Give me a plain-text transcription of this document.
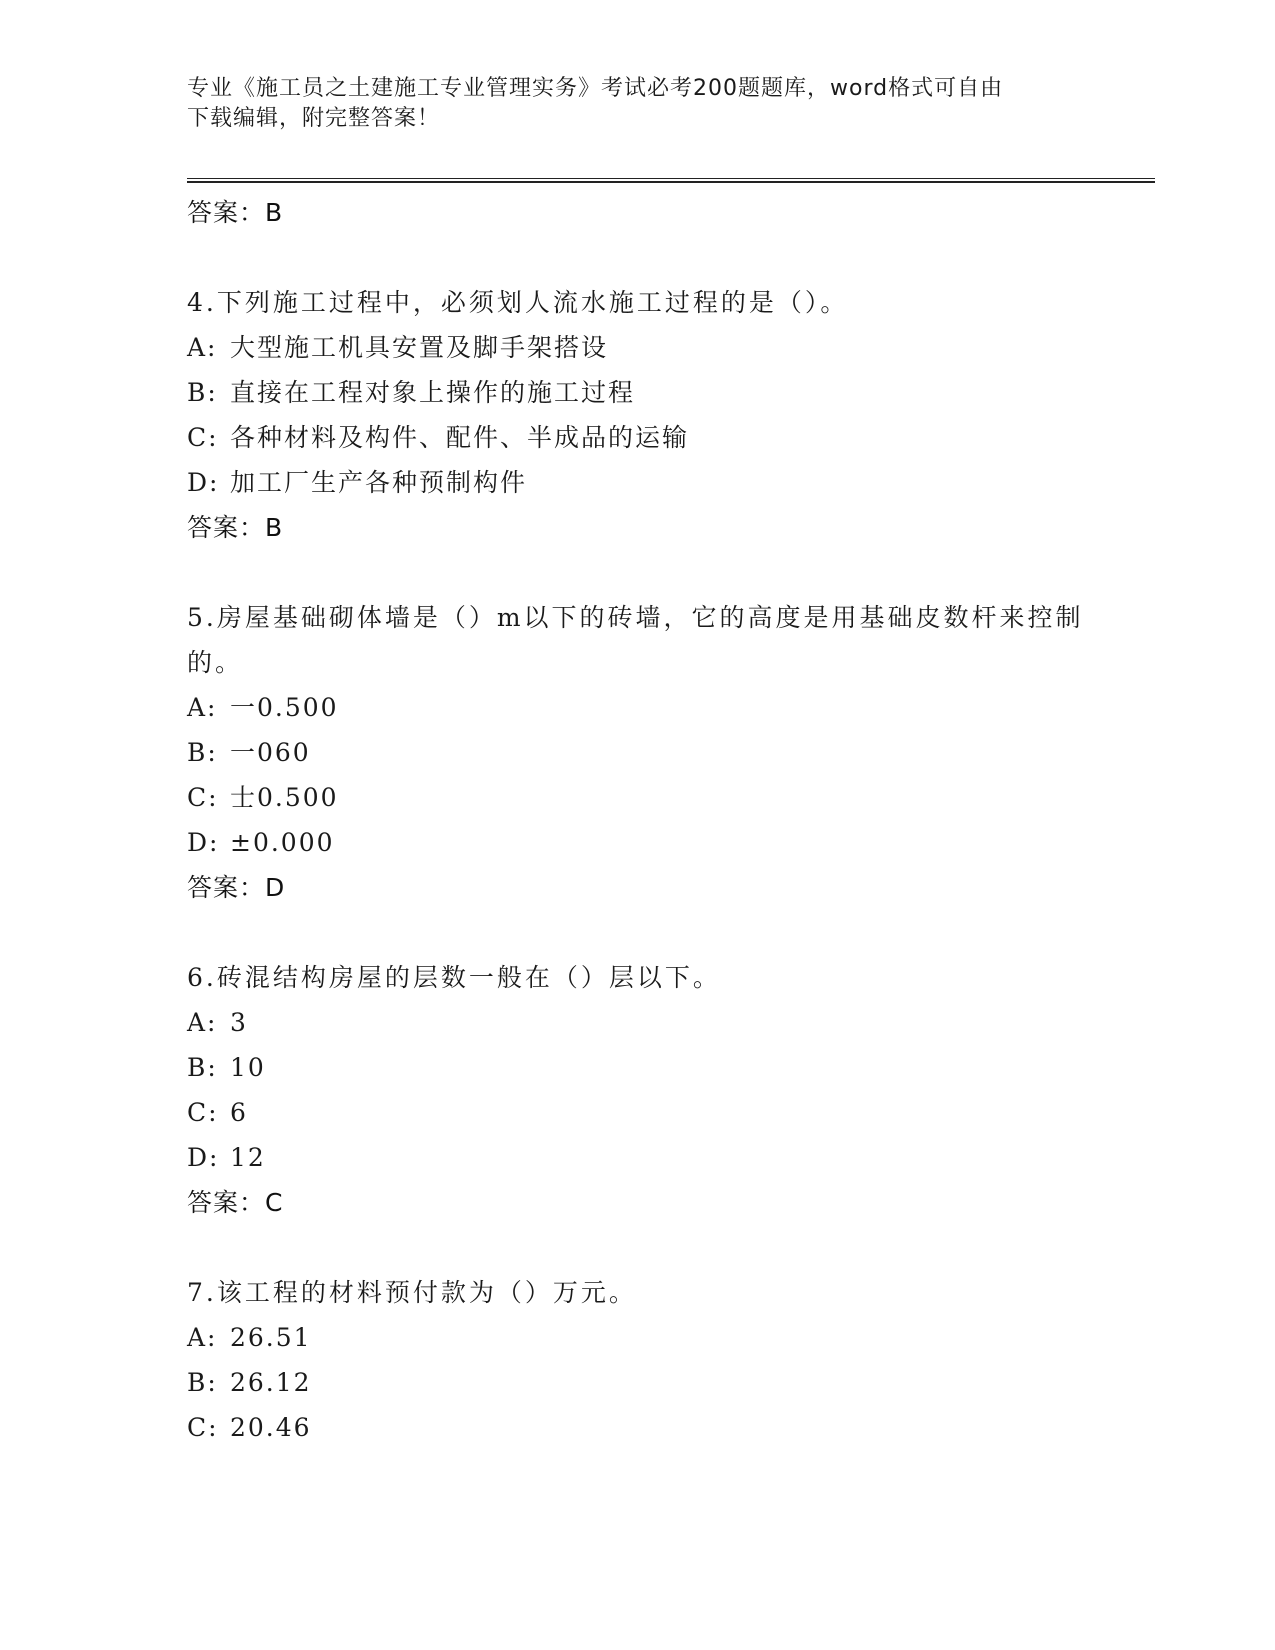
专业《施工员之土建施工专业管理实务》考试必考200题题库，word格式可自由
下载编辑，附完整答案！
答案：B
4.下列施工过程中，必须划人流水施工过程的是（）。
A: 大型施工机具安置及脚手架搭设
B: 直接在工程对象上操作的施工过程
C: 各种材料及构件、配件、半成品的运输
D: 加工厂生产各种预制构件
答案：B
5.房屋基础砌体墙是（）m以下的砖墙，它的高度是用基础皮数杆来控制的。
A: 一0.500
B: 一060
C: 士0.500
D: ±0.000
答案：D
6.砖混结构房屋的层数一般在（）层以下。
A: 3
B: 10
C: 6
D: 12
答案：C
7.该工程的材料预付款为（）万元。
A: 26.51
B: 26.12
C: 20.46
